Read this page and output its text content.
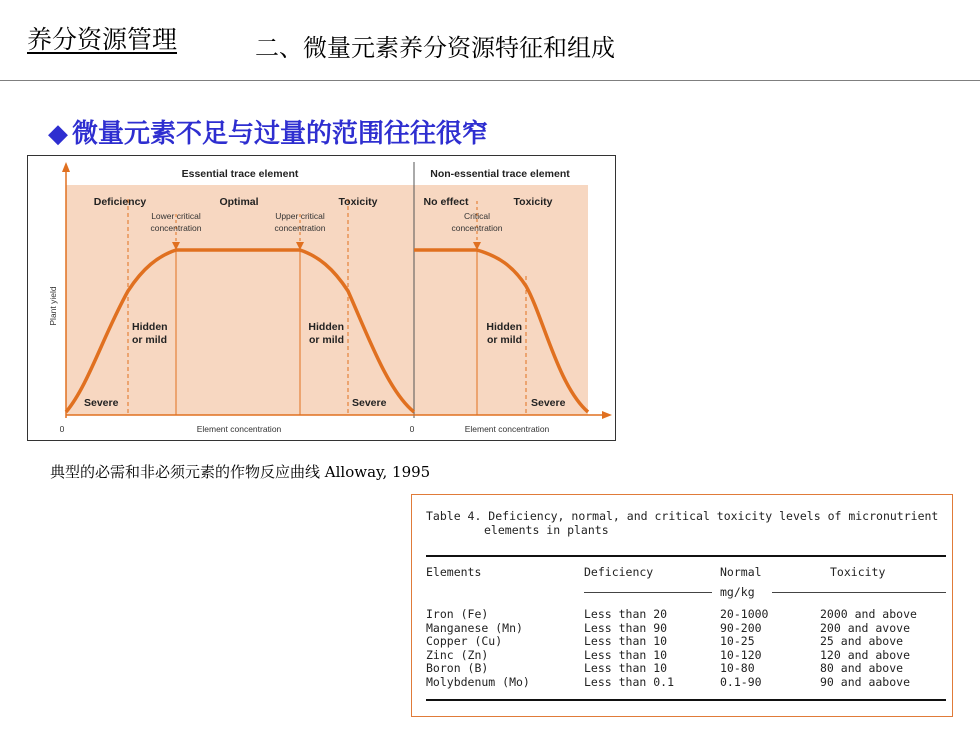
养分资源管理	二、微量元素养分资源特征和组成
◆ 微量元素不足与过量的范围往往很窄
Essential trace element	Non-essential trace element
Deficiency	Optimal	Toxicity	No effect	Toxicity
Lower critical
concentration
Upper critical
concentration
Critical
concentration
Hidden
or mild
Hidden
or mild
Hidden
or mild
Severe	Severe	Severe
Plant yield
Element concentration	Element concentration
0	0
典型的必需和非必须元素的作物反应曲线 Alloway, 1995
Table 4. Deficiency, normal, and critical toxicity levels of micronutrient
elements in plants
Elements	Deficiency	Normal	Toxicity
mg/kg
Iron (Fe)	Less than 20	20-1000	2000 and above
Manganese (Mn)	Less than 90	90-200	200 and avove
Copper (Cu)	Less than 10	10-25	25 and above
Zinc (Zn)	Less than 10	10-120	120 and above
Boron (B)	Less than 10	10-80	80 and above
Molybdenum (Mo)	Less than 0.1	0.1-90	90 and aabove
